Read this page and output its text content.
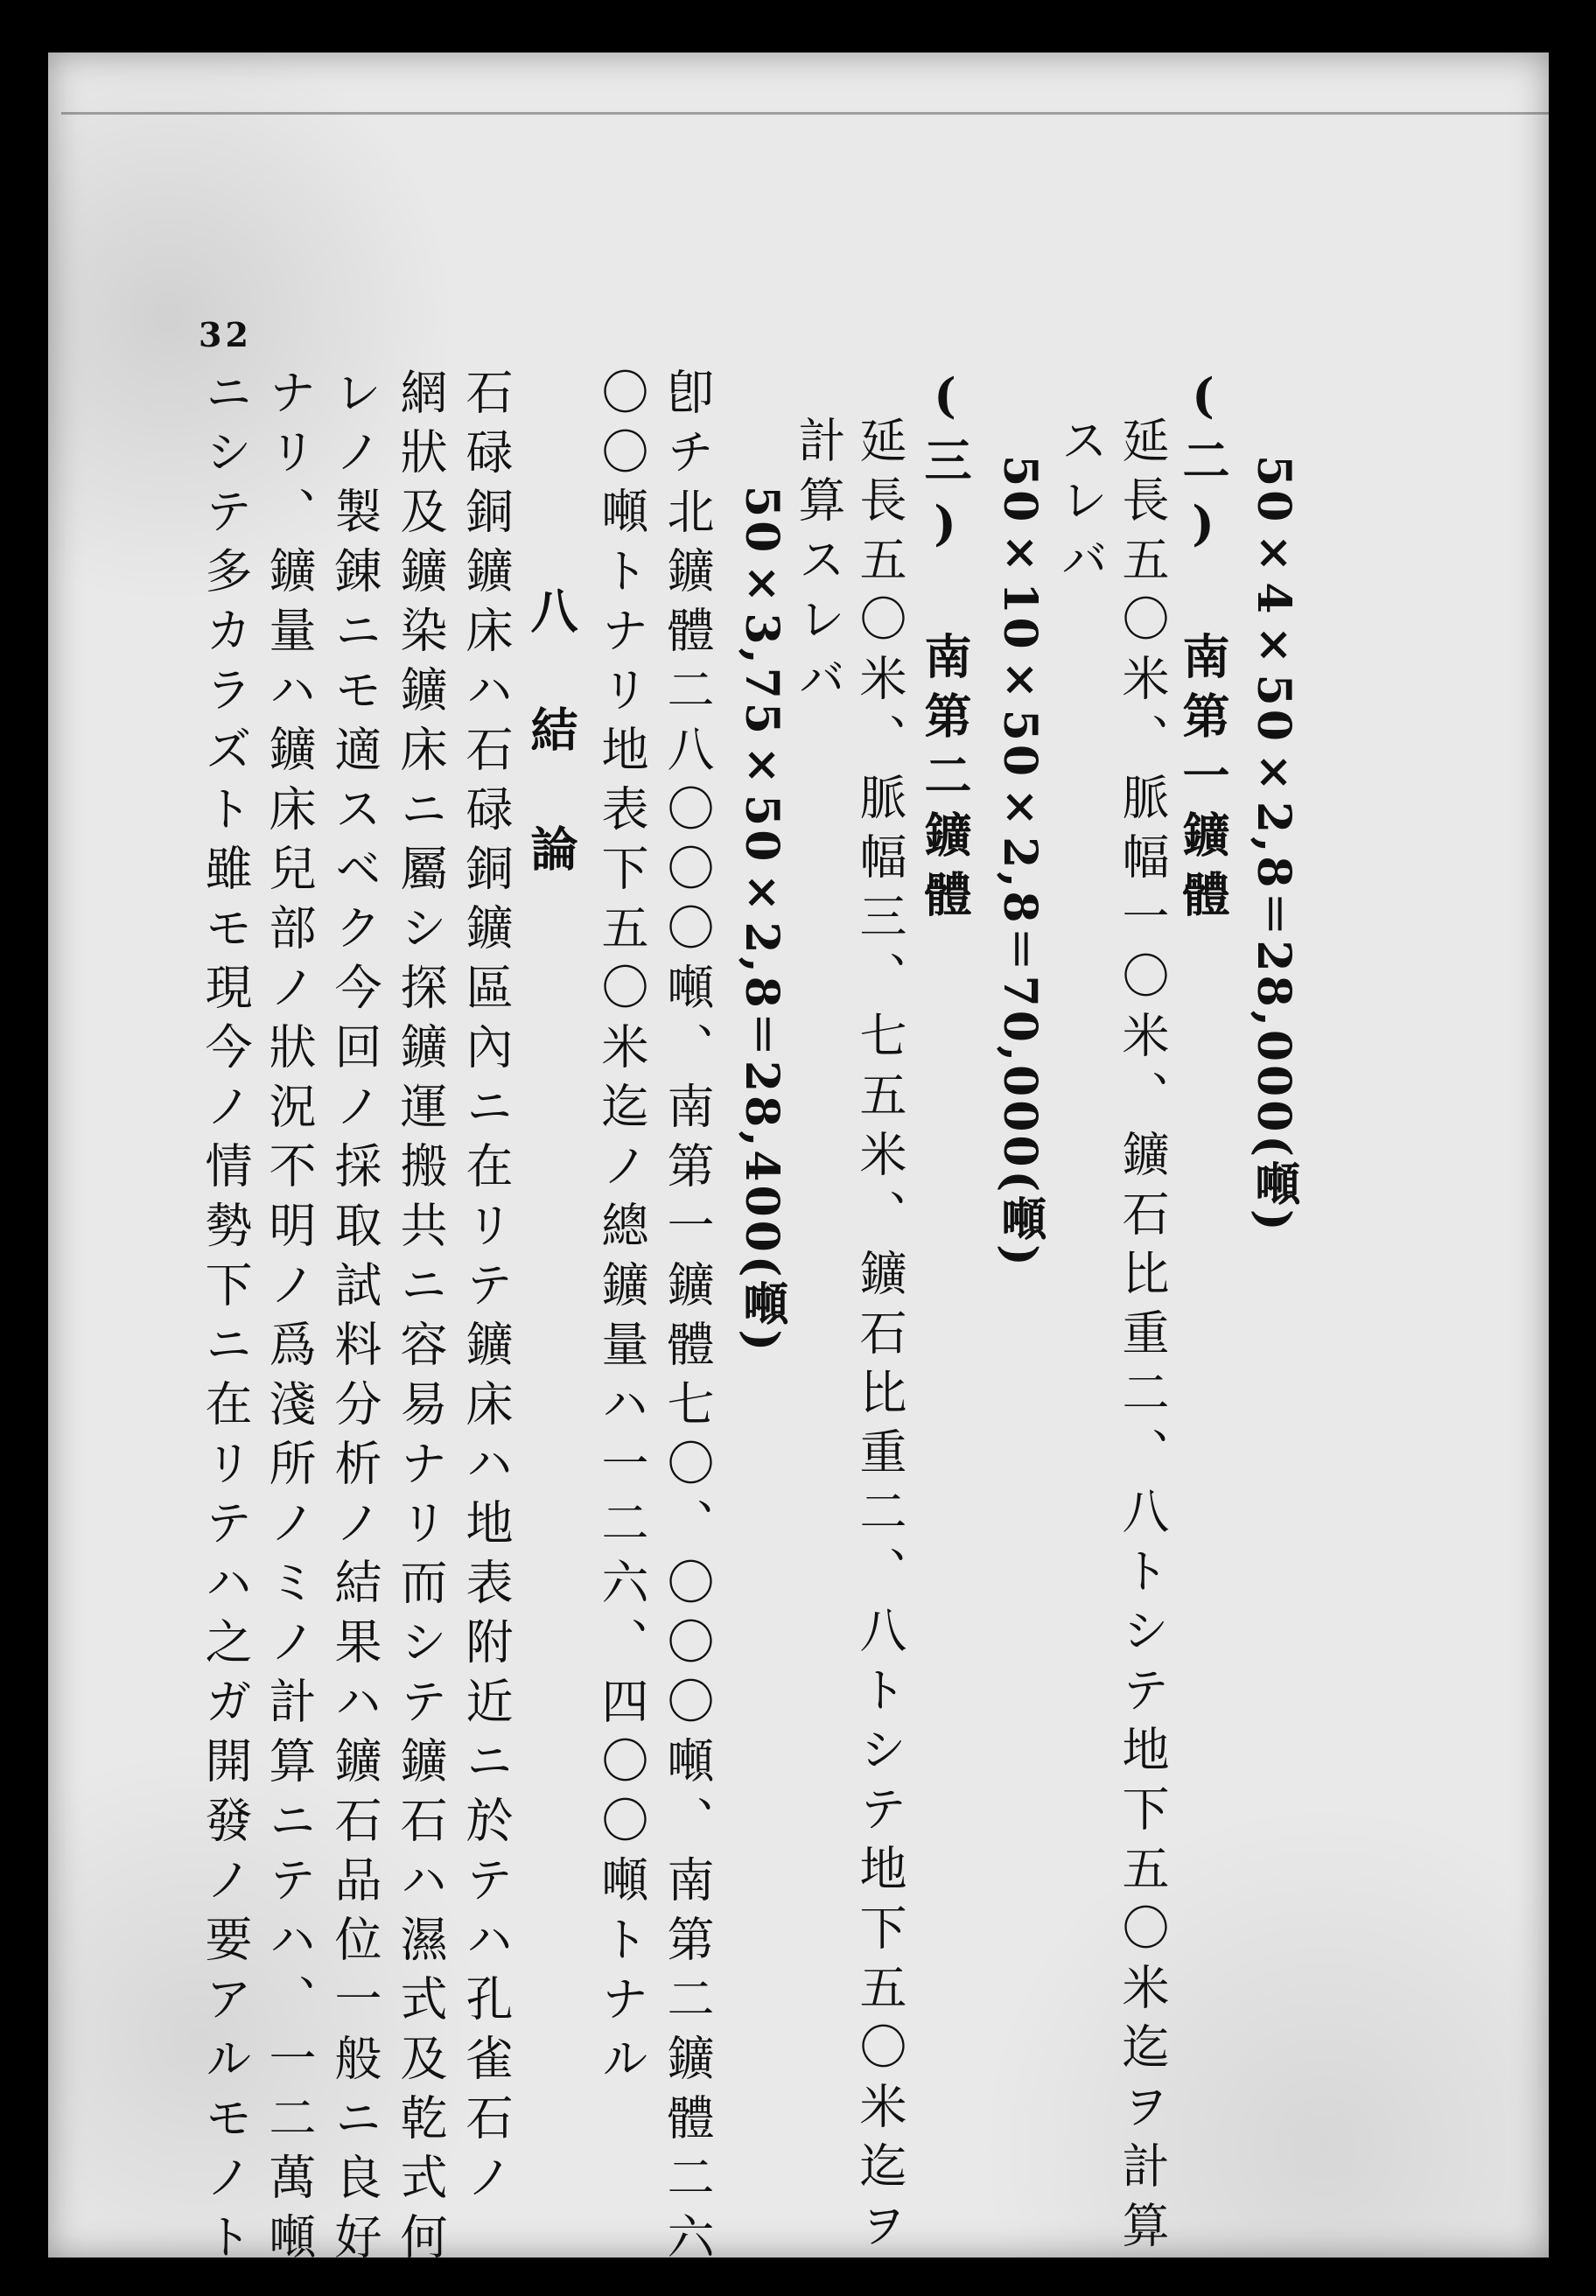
32
50×4×50×2,8＝28,000(噸)
(二) 南第一鑛體
延長五〇米、脈幅一〇米、鑛石比重二、八トシテ地下五〇米迄ヲ計算
スレバ
50×10×50×2,8＝70,000(噸)
(三) 南第二鑛體
延長五〇米、脈幅三、七五米、鑛石比重二、八トシテ地下五〇米迄ヲ
計算スレバ
50×3,75×50×2,8＝28,400(噸)
卽チ北鑛體二八〇〇〇噸、南第一鑛體七〇、〇〇〇噸、南第二鑛體二六
〇〇噸トナリ地表下五〇米迄ノ總鑛量ハ一二六、四〇〇噸トナル
八　結　論
石碌銅鑛床ハ石碌銅鑛區內ニ在リテ鑛床ハ地表附近ニ於テハ孔雀石ノ
網狀及鑛染鑛床ニ屬シ探鑛運搬共ニ容易ナリ而シテ鑛石ハ濕式及乾式何
レノ製錬ニモ適スベク今回ノ採取試料分析ノ結果ハ鑛石品位一般ニ良好
ナリ、鑛量ハ鑛床兒部ノ狀況不明ノ爲淺所ノミノ計算ニテハ、一二萬噸
ニシテ多カラズト雖モ現今ノ情勢下ニ在リテハ之ガ開發ノ要アルモノト
